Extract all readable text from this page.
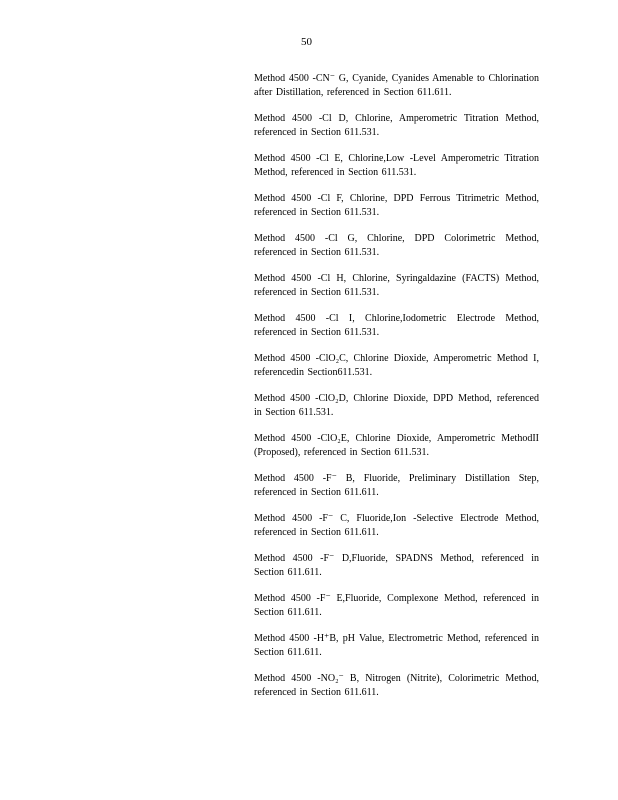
50

Method 4500 -CN⁻ G, Cyanide, Cyanides Amenable to Chlorination after Distillation, referenced in Section 611.611.

Method 4500 -Cl D, Chlorine, Amperometric Titration Method, referenced in Section 611.531.

Method 4500 -Cl E, Chlorine,Low -Level Amperometric Titration Method, referenced in Section 611.531.

Method 4500 -Cl F, Chlorine, DPD Ferrous Titrimetric Method, referenced in Section 611.531.

Method 4500 -Cl G, Chlorine, DPD Colorimetric Method, referenced in Section 611.531.

Method 4500 -Cl H, Chlorine, Syringaldazine (FACTS) Method, referenced in Section 611.531.

Method 4500 -Cl I, Chlorine,Iodometric Electrode Method, referenced in Section 611.531.

Method 4500 -ClO₂C, Chlorine Dioxide, Amperometric Method I, referencedin Section611.531.

Method 4500 -ClO₂D, Chlorine Dioxide, DPD Method, referenced in Section 611.531.

Method 4500 -ClO₂E, Chlorine Dioxide, Amperometric MethodII (Proposed), referenced in Section 611.531.

Method 4500 -F⁻ B, Fluoride, Preliminary Distillation Step, referenced in Section 611.611.

Method 4500 -F⁻ C, Fluoride,Ion -Selective Electrode Method, referenced in Section 611.611.

Method 4500 -F⁻ D,Fluoride, SPADNS Method, referenced in Section 611.611.

Method 4500 -F⁻ E,Fluoride, Complexone Method, referenced in Section 611.611.

Method 4500 -H⁺B, pH Value, Electrometric Method, referenced in Section 611.611.

Method 4500 -NO₂⁻ B, Nitrogen (Nitrite), Colorimetric Method, referenced in Section 611.611.
